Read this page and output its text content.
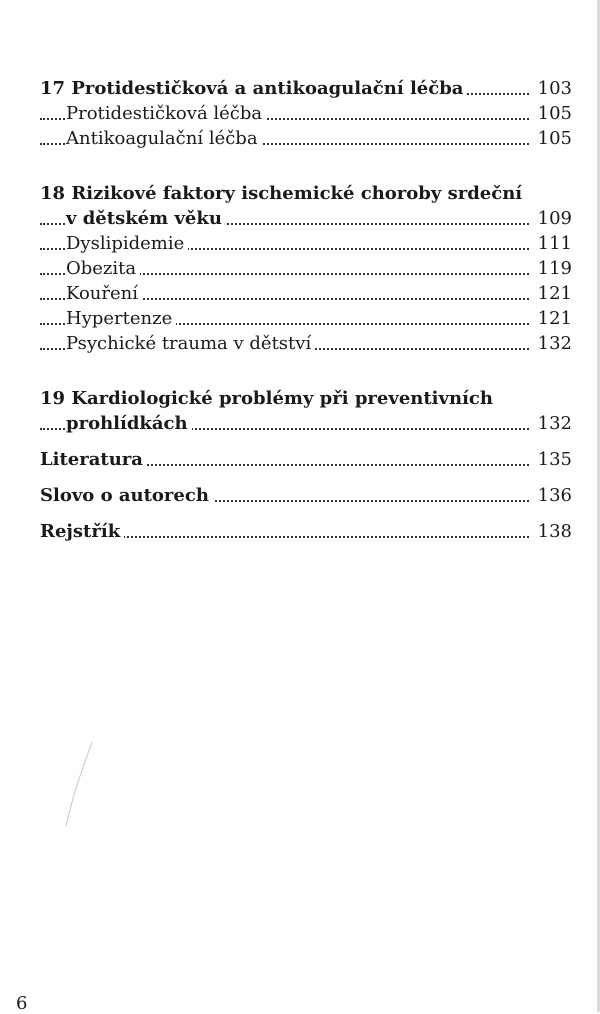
17 Protidestičková a antikoagulační léčba	103
Protidestičková léčba	105
Antikoagulační léčba	105
18 Rizikové faktory ischemické choroby srdeční
v dětském věku	109
Dyslipidemie	111
Obezita	119
Kouření	121
Hypertenze	121
Psychické trauma v dětství	132
19 Kardiologické problémy při preventivních
prohlídkách	132
Literatura	135
Slovo o autorech	136
Rejstřík	138
6
